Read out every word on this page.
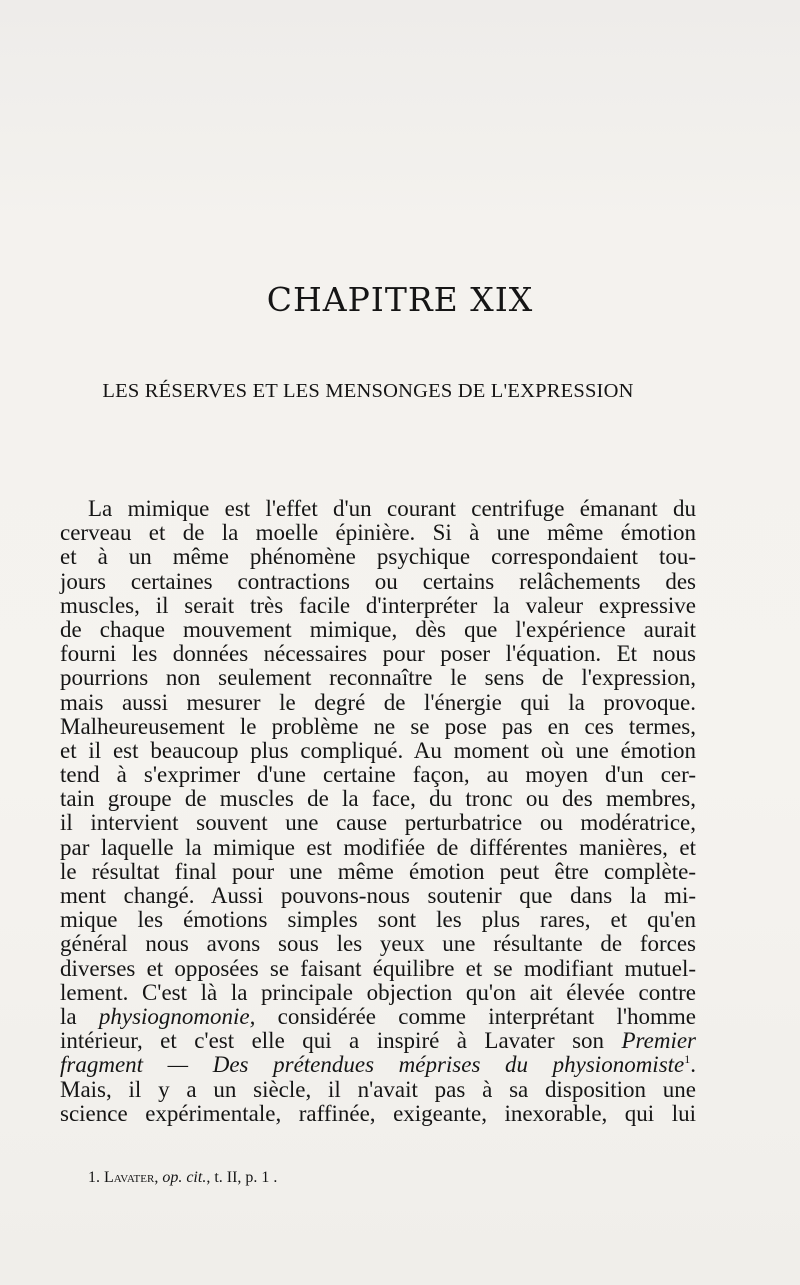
CHAPITRE XIX
LES RÉSERVES ET LES MENSONGES DE L'EXPRESSION
La mimique est l'effet d'un courant centrifuge émanant du
cerveau et de la moelle épinière. Si à une même émotion
et à un même phénomène psychique correspondaient tou-
jours certaines contractions ou certains relâchements des
muscles, il serait très facile d'interpréter la valeur expressive
de chaque mouvement mimique, dès que l'expérience aurait
fourni les données nécessaires pour poser l'équation. Et nous
pourrions non seulement reconnaître le sens de l'expression,
mais aussi mesurer le degré de l'énergie qui la provoque.
Malheureusement le problème ne se pose pas en ces termes,
et il est beaucoup plus compliqué. Au moment où une émotion
tend à s'exprimer d'une certaine façon, au moyen d'un cer-
tain groupe de muscles de la face, du tronc ou des membres,
il intervient souvent une cause perturbatrice ou modératrice,
par laquelle la mimique est modifiée de différentes manières, et
le résultat final pour une même émotion peut être complète-
ment changé. Aussi pouvons-nous soutenir que dans la mi-
mique les émotions simples sont les plus rares, et qu'en
général nous avons sous les yeux une résultante de forces
diverses et opposées se faisant équilibre et se modifiant mutuel-
lement. C'est là la principale objection qu'on ait élevée contre
la physiognomonie, considérée comme interprétant l'homme
intérieur, et c'est elle qui a inspiré à Lavater son Premier
fragment — Des prétendues méprises du physionomiste$^1$.
Mais, il y a un siècle, il n'avait pas à sa disposition une
science expérimentale, raffinée, exigeante, inexorable, qui lui
1. Lavater, op. cit., t. II, p. 1 .
